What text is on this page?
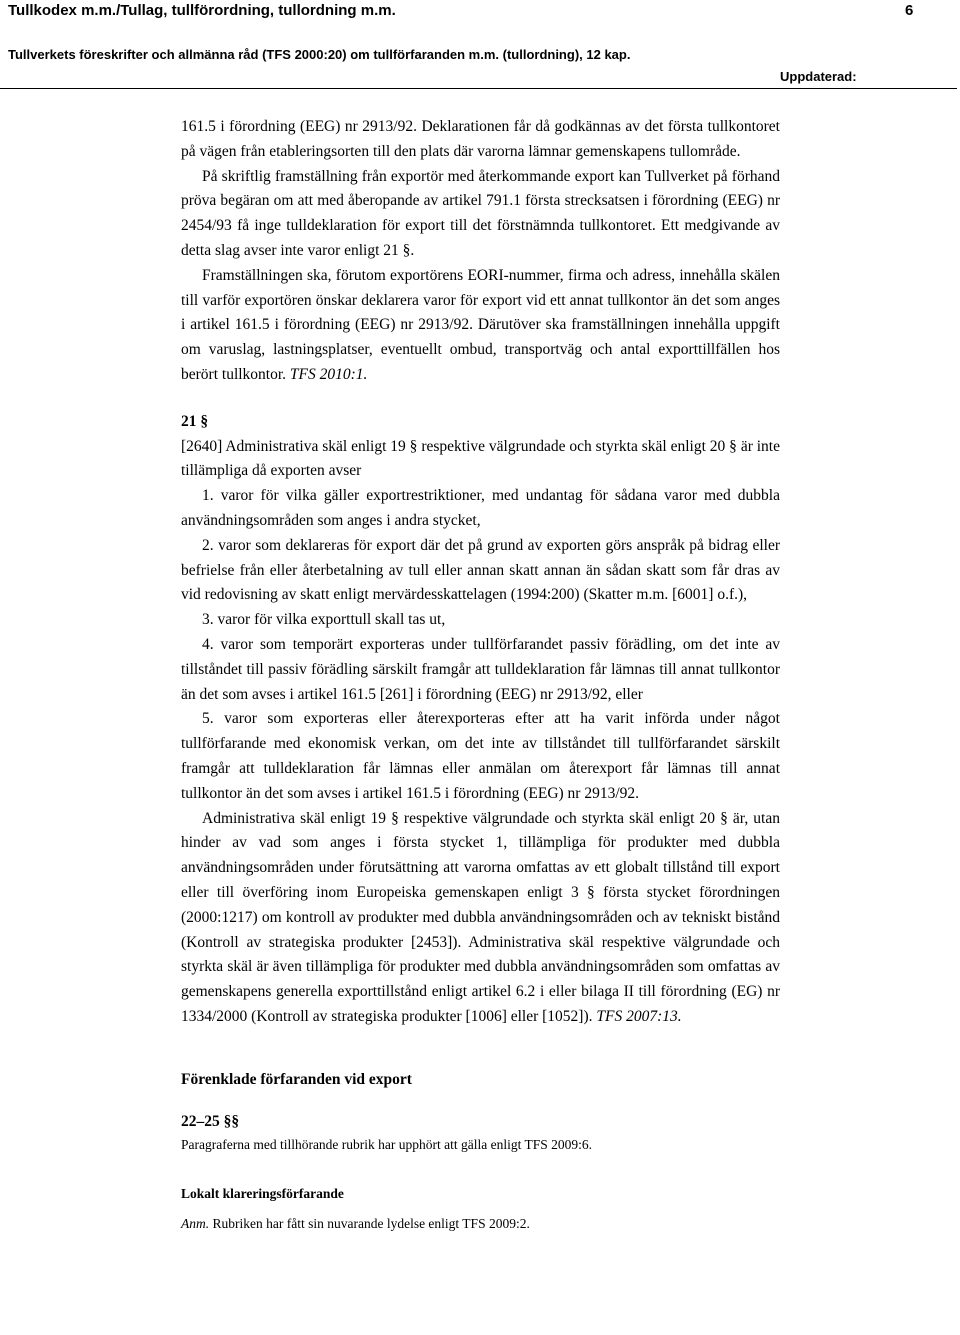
Tullkodex m.m./Tullag, tullförordning, tullordning m.m.	6
Tullverkets föreskrifter och allmänna råd (TFS 2000:20) om tullförfaranden m.m. (tullordning), 12 kap.
Uppdaterad:

161.5 i förordning (EEG) nr 2913/92. Deklarationen får då godkännas av det första tullkontoret på vägen från etableringsorten till den plats där varorna lämnar gemenskapens tullområde.

På skriftlig framställning från exportör med återkommande export kan Tullverket på förhand pröva begäran om att med åberopande av artikel 791.1 första strecksatsen i förordning (EEG) nr 2454/93 få inge tulldeklaration för export till det förstnämnda tullkontoret. Ett medgivande av detta slag avser inte varor enligt 21 §.

Framställningen ska, förutom exportörens EORI-nummer, firma och adress, innehålla skälen till varför exportören önskar deklarera varor för export vid ett annat tullkontor än det som anges i artikel 161.5 i förordning (EEG) nr 2913/92. Därutöver ska framställningen innehålla uppgift om varuslag, lastningsplatser, eventuellt ombud, transportväg och antal exporttillfällen hos berört tullkontor. TFS 2010:1.

21 §

[2640] Administrativa skäl enligt 19 § respektive välgrundade och styrkta skäl enligt 20 § är inte tillämpliga då exporten avser

1. varor för vilka gäller exportrestriktioner, med undantag för sådana varor med dubbla användningsområden som anges i andra stycket,

2. varor som deklareras för export där det på grund av exporten görs anspråk på bidrag eller befrielse från eller återbetalning av tull eller annan skatt annan än sådan skatt som får dras av vid redovisning av skatt enligt mervärdesskattelagen (1994:200) (Skatter m.m. [6001] o.f.),

3. varor för vilka exporttull skall tas ut,

4. varor som temporärt exporteras under tullförfarandet passiv förädling, om det inte av tillståndet till passiv förädling särskilt framgår att tulldeklaration får lämnas till annat tullkontor än det som avses i artikel 161.5 [261] i förordning (EEG) nr 2913/92, eller

5. varor som exporteras eller återexporteras efter att ha varit införda under något tullförfarande med ekonomisk verkan, om det inte av tillståndet till tullförfarandet särskilt framgår att tulldeklaration får lämnas eller anmälan om återexport får lämnas till annat tullkontor än det som avses i artikel 161.5 i förordning (EEG) nr 2913/92.

Administrativa skäl enligt 19 § respektive välgrundade och styrkta skäl enligt 20 § är, utan hinder av vad som anges i första stycket 1, tillämpliga för produkter med dubbla användningsområden under förutsättning att varorna omfattas av ett globalt tillstånd till export eller till överföring inom Europeiska gemenskapen enligt 3 § första stycket förordningen (2000:1217) om kontroll av produkter med dubbla användningsområden och av tekniskt bistånd (Kontroll av strategiska produkter [2453]). Administrativa skäl respektive välgrundade och styrkta skäl är även tillämpliga för produkter med dubbla användningsområden som omfattas av gemenskapens generella exporttillstånd enligt artikel 6.2 i eller bilaga II till förordning (EG) nr 1334/2000 (Kontroll av strategiska produkter [1006] eller [1052]). TFS 2007:13.

Förenklade förfaranden vid export

22–25 §§

Paragraferna med tillhörande rubrik har upphört att gälla enligt TFS 2009:6.

Lokalt klareringsförfarande

Anm. Rubriken har fått sin nuvarande lydelse enligt TFS 2009:2.
